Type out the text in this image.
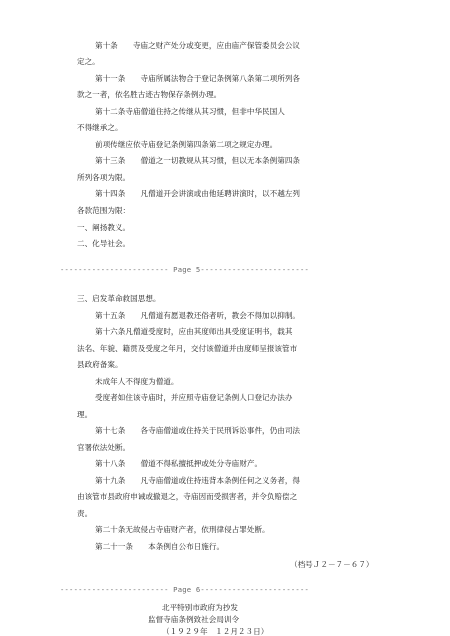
第十条　　寺庙之财产处分或变更，应由庙产保管委员会公议
定之。
第十一条　　寺庙所属法物合于登记条例第八条第二项所列各
款之一者，依名胜古迹古物保存条例办理。
第十二条寺庙僧道住持之传继从其习惯，但非中华民国人
不得继承之。
前项传继应依寺庙登记条例第四条第二项之规定办理。
第十三条　　僧道之一切教规从其习惯，但以无本条例第四条
所列各项为限。
第十四条　　凡僧道开会讲演或由他延聘讲演时，以不越左列
各款范围为限：
一、阐扬教义。
二、化导社会。
------------------------ Page 5------------------------
三、启发革命救国思想。
第十五条　　凡僧道有愿退教还俗者听，教会不得加以抑制。
第十六条凡僧道受度时，应由其度师出具受度证明书，载其
法名、年貌、籍贯及受度之年月，交付该僧道并由度师呈报该管市
县政府备案。
未成年人不得度为僧道。
受度者如住该寺庙时，并应照寺庙登记条例人口登记办法办
理。
第十七条　　各寺庙僧道或住持关于民刑诉讼事件，仍由司法
官署依法处断。
第十八条　　僧道不得私擅抵押或处分寺庙财产。
第十九条　　凡寺庙僧道或住持违背本条例任何之义务者，得
由该管市县政府申诫或撤退之，寺庙因而受损害者，并令负赔偿之
责。
第二十条无故侵占寺庙财产者，依刑律侵占罪处断。
第二十一条　　本条例自公布日施行。
（档号Ｊ２－７－６７）
------------------------ Page 6------------------------
北平特别市政府为抄发
监督寺庙条例致社会局训令
（１９２９年　１２月２３日）
